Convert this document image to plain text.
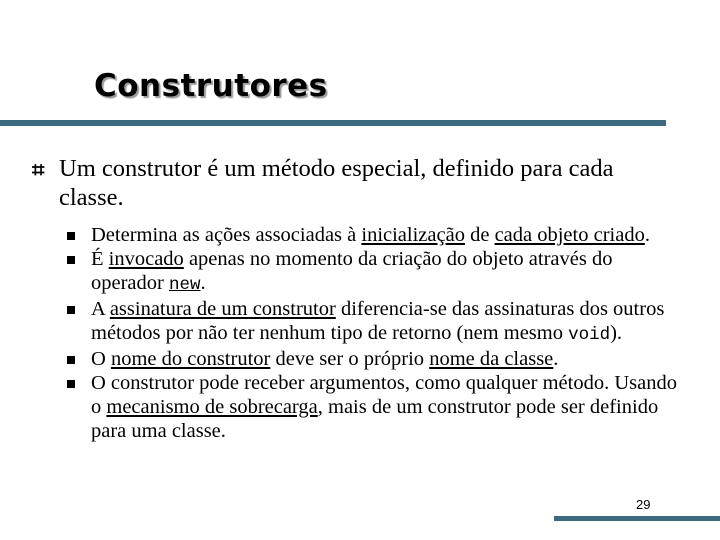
Construtores
⌗ Um construtor é um método especial, definido para cada classe.
Determina as ações associadas à inicialização de cada objeto criado.
É invocado apenas no momento da criação do objeto através do operador new.
A assinatura de um construtor diferencia-se das assinaturas dos outros métodos por não ter nenhum tipo de retorno (nem mesmo void).
O nome do construtor deve ser o próprio nome da classe.
O construtor pode receber argumentos, como qualquer método. Usando o mecanismo de sobrecarga, mais de um construtor pode ser definido para uma classe.
29
